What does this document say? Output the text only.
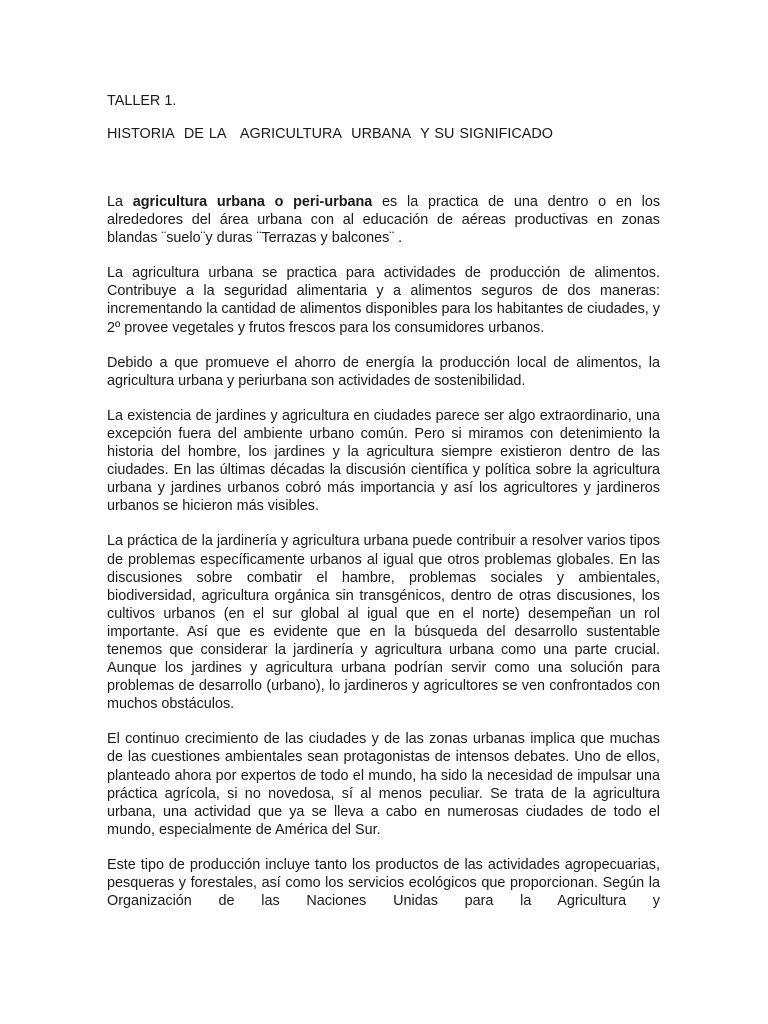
TALLER 1.

HISTORIA  DE LA   AGRICULTURA  URBANA  Y SU SIGNIFICADO

La agricultura urbana o peri-urbana es la practica de una dentro o en los alrededores del área urbana con al educación de aéreas productivas en zonas blandas ¨suelo¨y duras ¨Terrazas y balcones¨ .

La agricultura urbana se practica para actividades de producción de alimentos. Contribuye a la seguridad alimentaria y a alimentos seguros de dos maneras: incrementando la cantidad de alimentos disponibles para los habitantes de ciudades, y 2º provee vegetales y frutos frescos para los consumidores urbanos.

Debido a que promueve el ahorro de energía la producción local de alimentos, la agricultura urbana y periurbana son actividades de sostenibilidad.

La existencia de jardines y agricultura en ciudades parece ser algo extraordinario, una excepción fuera del ambiente urbano común. Pero si miramos con detenimiento la historia del hombre, los jardines y la agricultura siempre existieron dentro de las ciudades. En las últimas décadas la discusión científica y política sobre la agricultura urbana y jardines urbanos cobró más importancia y así los agricultores y jardineros urbanos se hicieron más visibles.

La práctica de la jardinería y agricultura urbana puede contribuir a resolver varios tipos de problemas específicamente urbanos al igual que otros problemas globales. En las discusiones sobre combatir el hambre, problemas sociales y ambientales, biodiversidad, agricultura orgánica sin transgénicos, dentro de otras discusiones, los cultivos urbanos (en el sur global al igual que en el norte) desempeñan un rol importante. Así que es evidente que en la búsqueda del desarrollo sustentable tenemos que considerar la jardinería y agricultura urbana como una parte crucial. Aunque los jardines y agricultura urbana podrían servir como una solución para problemas de desarrollo (urbano), lo jardineros y agricultores se ven confrontados con muchos obstáculos.

El continuo crecimiento de las ciudades y de las zonas urbanas implica que muchas de las cuestiones ambientales sean protagonistas de intensos debates. Uno de ellos, planteado ahora por expertos de todo el mundo, ha sido la necesidad de impulsar una práctica agrícola, si no novedosa, sí al menos peculiar. Se trata de la agricultura urbana, una actividad que ya se lleva a cabo en numerosas ciudades de todo el mundo, especialmente de América del Sur.

Este tipo de producción incluye tanto los productos de las actividades agropecuarias, pesqueras y forestales, así como los servicios ecológicos que proporcionan. Según la Organización de las Naciones Unidas para la Agricultura y
